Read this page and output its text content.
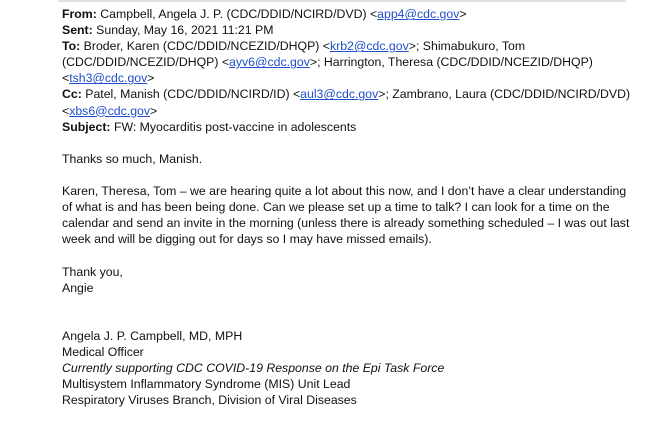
From: Campbell, Angela J. P. (CDC/DDID/NCIRD/DVD) <app4@cdc.gov>
Sent: Sunday, May 16, 2021 11:21 PM
To: Broder, Karen (CDC/DDID/NCEZID/DHQP) <krb2@cdc.gov>; Shimabukuro, Tom
(CDC/DDID/NCEZID/DHQP) <ayv6@cdc.gov>; Harrington, Theresa (CDC/DDID/NCEZID/DHQP)
<tsh3@cdc.gov>
Cc: Patel, Manish (CDC/DDID/NCIRD/ID) <aul3@cdc.gov>; Zambrano, Laura (CDC/DDID/NCIRD/DVD)
<xbs6@cdc.gov>
Subject: FW: Myocarditis post-vaccine in adolescents
Thanks so much, Manish.
Karen, Theresa, Tom – we are hearing quite a lot about this now, and I don’t have a clear understanding
of what is and has been being done. Can we please set up a time to talk? I can look for a time on the
calendar and send an invite in the morning (unless there is already something scheduled – I was out last
week and will be digging out for days so I may have missed emails).
Thank you,
Angie
Angela J. P. Campbell, MD, MPH
Medical Officer
Currently supporting CDC COVID-19 Response on the Epi Task Force
Multisystem Inflammatory Syndrome (MIS) Unit Lead
Respiratory Viruses Branch, Division of Viral Diseases
